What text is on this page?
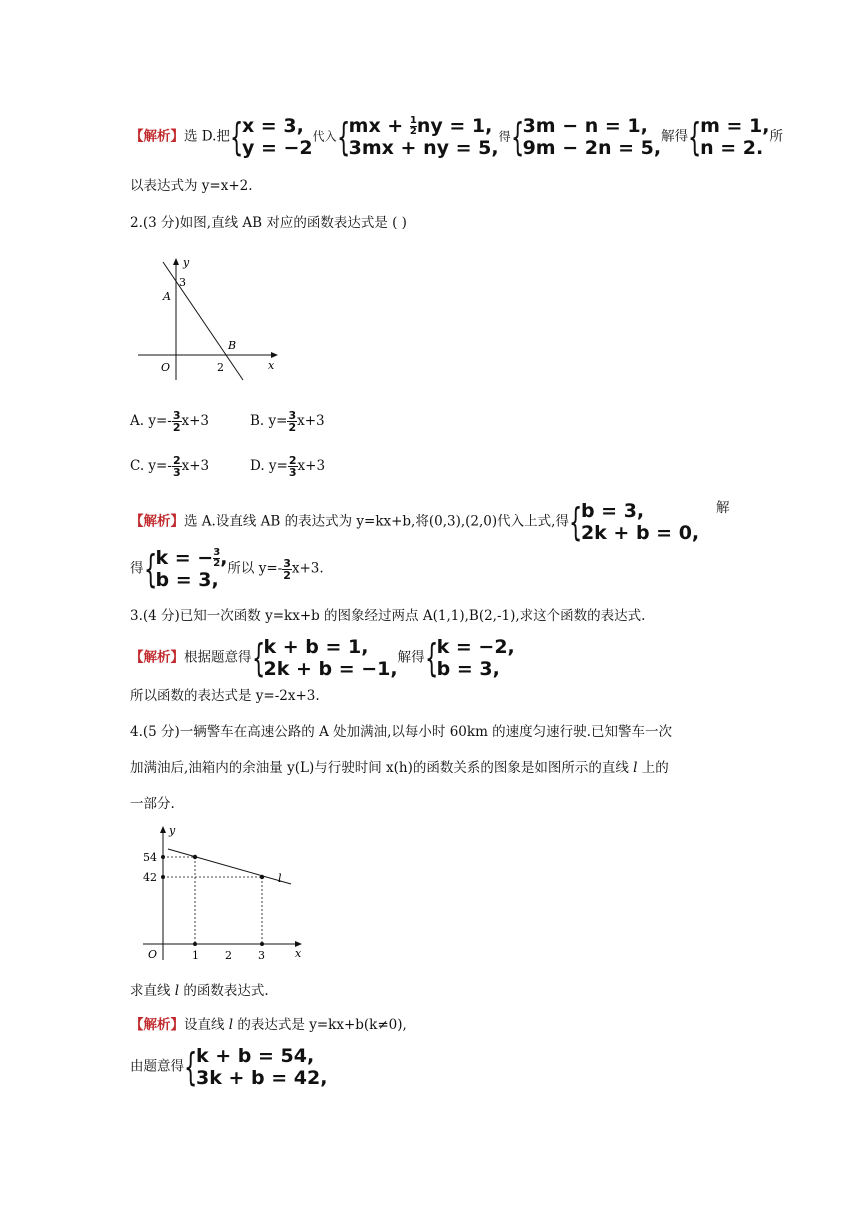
【解析】选 D.把 {
x = 3,
y = −2
代入 {
mx + $\frac{1}{2}ny = 1$,
3mx + ny = 5,
得 {
3m − n = 1,
9m − 2n = 5,
解得 {
m = 1,
n = 2.
所
以表达式为 y=x+2.
2.(3 分)如图,直线 AB 对应的函数表达式是 ( )
y
x
O
A
B
3
2
A. $y=- \frac{3}{2} x+3$	B. $y= \frac{3}{2} x+3$
C. $y=- \frac{2}{3} x+3$	D. $y= \frac{2}{3} x+3$
【解析】选 A.设直线 AB 的表达式为 y=kx+b,将(0,3),(2,0)代入上式,得 {
b = 3,
2k + b = 0,
解
得 {
k = − $\frac{3}{2}$,
b = 3,
所以 $y=- \frac{3}{2} x+3$.
3.(4 分)已知一次函数 y=kx+b 的图象经过两点 A(1,1),B(2,-1),求这个函数的表达式.
【解析】根据题意得 {
k + b = 1,
2k + b = −1,
解得 {
k = −2,
b = 3,
所以函数的表达式是 y=-2x+3.
4.(5 分)一辆警车在高速公路的 A 处加满油,以每小时 60km 的速度匀速行驶.已知警车一次
加满油后,油箱内的余油量 y(L)与行驶时间 x(h)的函数关系的图象是如图所示的直线 l 上的
一部分.
y
x
O
l
54
42
1 2 3
求直线 l 的函数表达式.
【解析】设直线 l 的表达式是 y=kx+b(k≠0),
由题意得 {
k + b = 54,
3k + b = 42,
